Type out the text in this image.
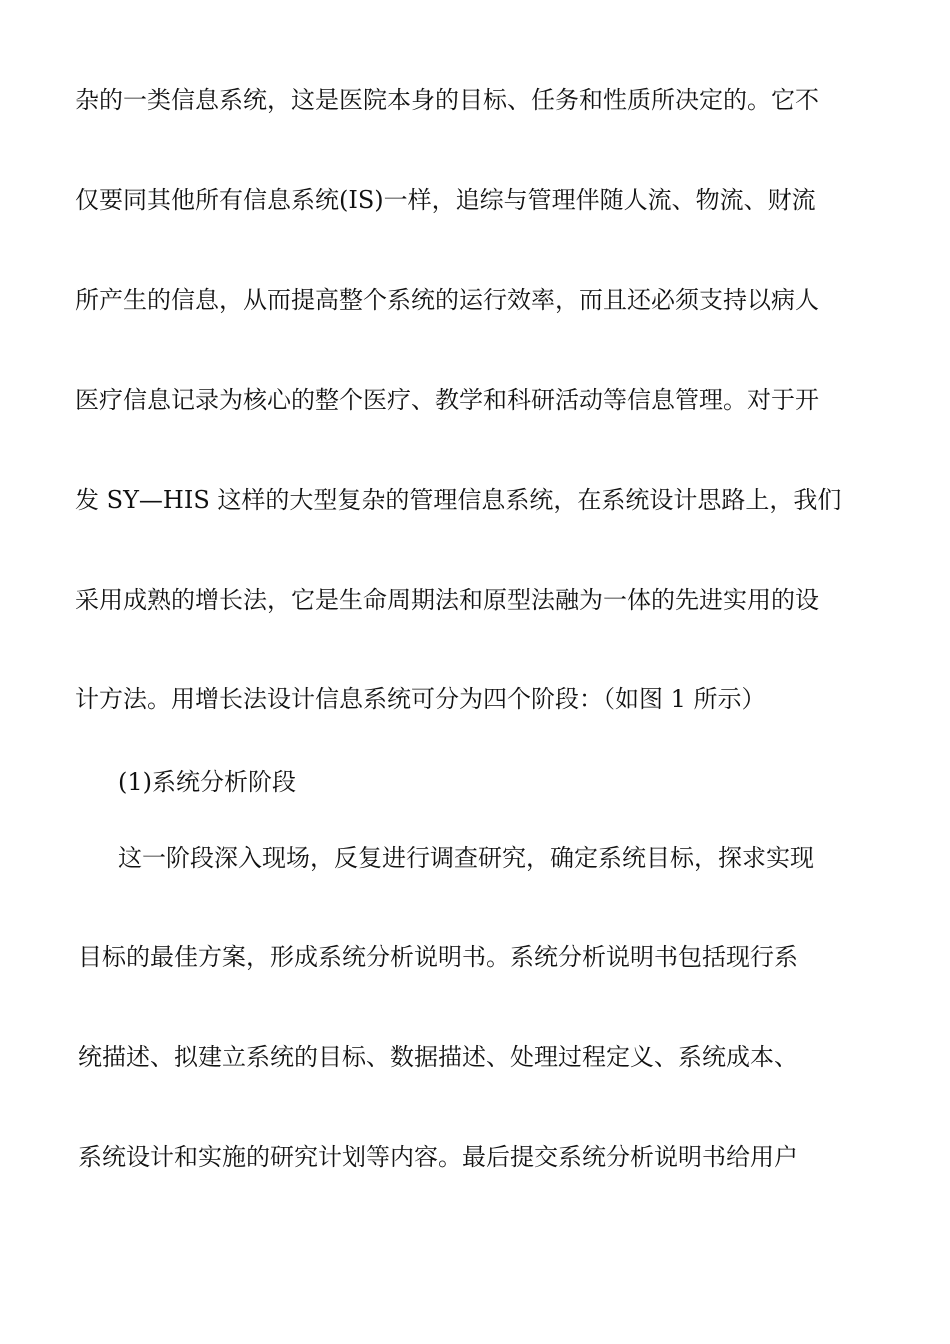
杂的一类信息系统，这是医院本身的目标、任务和性质所决定的。它不
仅要同其他所有信息系统(IS)一样，追综与管理伴随人流、物流、财流
所产生的信息，从而提高整个系统的运行效率，而且还必须支持以病人
医疗信息记录为核心的整个医疗、教学和科研活动等信息管理。对于开
发 SY—HIS 这样的大型复杂的管理信息系统，在系统设计思路上，我们
采用成熟的增长法，它是生命周期法和原型法融为一体的先进实用的设
计方法。用增长法设计信息系统可分为四个阶段：（如图 1 所示）
(1)系统分析阶段
这一阶段深入现场，反复进行调查研究，确定系统目标，探求实现
目标的最佳方案，形成系统分析说明书。系统分析说明书包括现行系
统描述、拟建立系统的目标、数据描述、处理过程定义、系统成本、
系统设计和实施的研究计划等内容。最后提交系统分析说明书给用户
